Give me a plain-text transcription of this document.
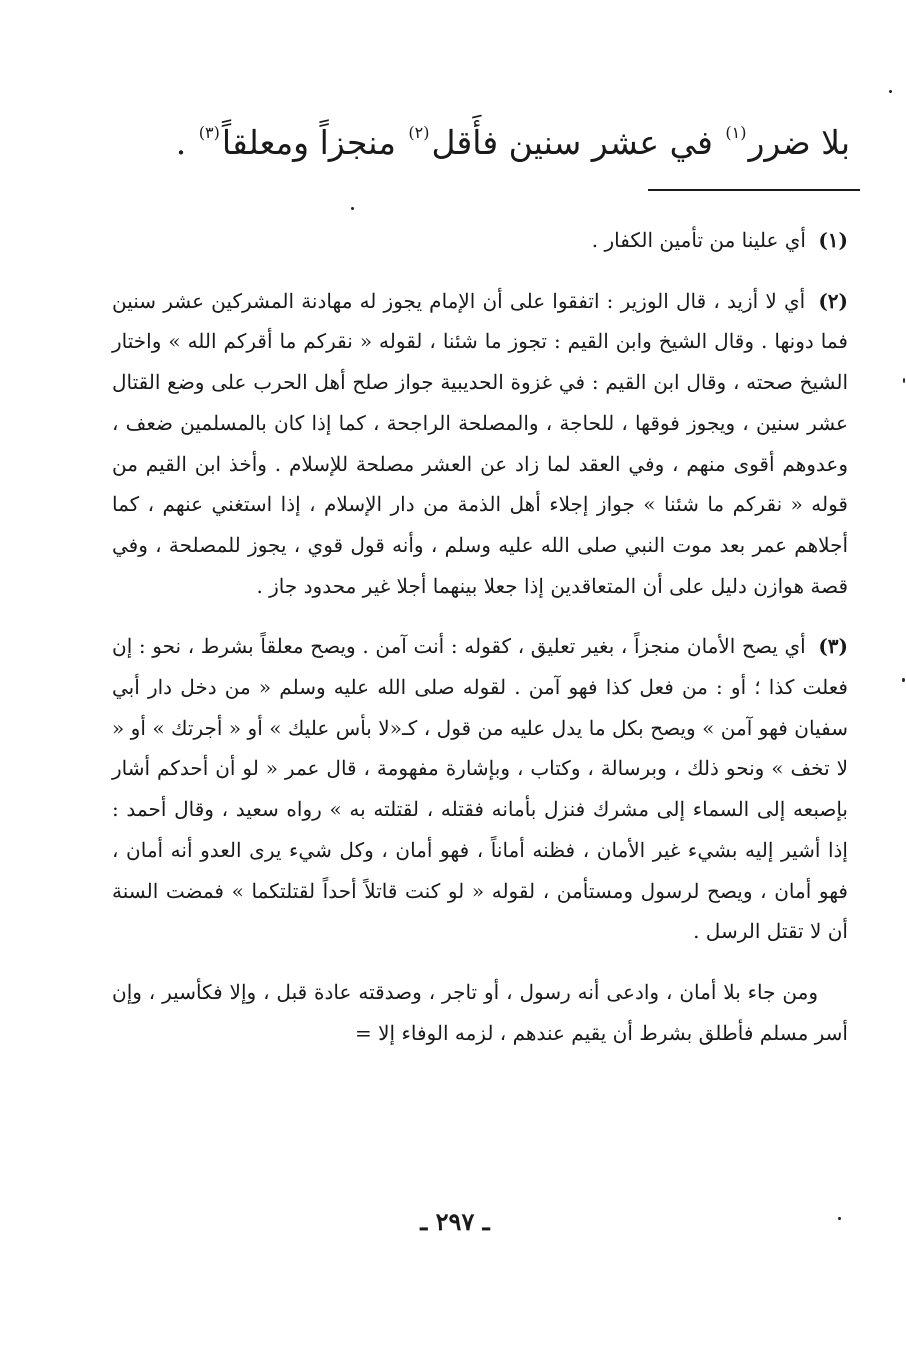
بلا ضرر$^{(١)}$ في عشر سنين فأَقل$^{(٢)}$ منجزاً ومعلقاً$^{(٣)}$ .

(١) أي علينا من تأمين الكفار .

(٢) أي لا أزيد ، قال الوزير : اتفقوا على أن الإمام يجوز له مهادنة المشركين عشر سنين فما دونها . وقال الشيخ وابن القيم : تجوز ما شئنا ، لقوله « نقركم ما أقركم الله » واختار الشيخ صحته ، وقال ابن القيم : في غزوة الحديبية جواز صلح أهل الحرب على وضع القتال عشر سنين ، ويجوز فوقها ، للحاجة ، والمصلحة الراجحة ، كما إذا كان بالمسلمين ضعف ، وعدوهم أقوى منهم ، وفي العقد لما زاد عن العشر مصلحة للإسلام . وأخذ ابن القيم من قوله « نقركم ما شئنا » جواز إجلاء أهل الذمة من دار الإسلام ، إذا استغني عنهم ، كما أجلاهم عمر بعد موت النبي صلى الله عليه وسلم ، وأنه قول قوي ، يجوز للمصلحة ، وفي قصة هوازن دليل على أن المتعاقدين إذا جعلا بينهما أجلا غير محدود جاز .

(٣) أي يصح الأمان منجزاً ، بغير تعليق ، كقوله : أنت آمن . ويصح معلقاً بشرط ، نحو : إن فعلت كذا ؛ أو : من فعل كذا فهو آمن . لقوله صلى الله عليه وسلم « من دخل دار أبي سفيان فهو آمن » ويصح بكل ما يدل عليه من قول ، كـ«لا بأس عليك » أو « أجرتك » أو « لا تخف » ونحو ذلك ، وبرسالة ، وكتاب ، وبإشارة مفهومة ، قال عمر « لو أن أحدكم أشار بإصبعه إلى السماء إلى مشرك فنزل بأمانه فقتله ، لقتلته به » رواه سعيد ، وقال أحمد : إذا أشير إليه بشيء غير الأمان ، فظنه أماناً ، فهو أمان ، وكل شيء يرى العدو أنه أمان ، فهو أمان ، ويصح لرسول ومستأمن ، لقوله « لو كنت قاتلاً أحداً لقتلتكما » فمضت السنة أن لا تقتل الرسل .

ومن جاء بلا أمان ، وادعى أنه رسول ، أو تاجر ، وصدقته عادة قبل ، وإلا فكأسير ، وإن أسر مسلم فأطلق بشرط أن يقيم عندهم ، لزمه الوفاء إلا =

ـ ٢٩٧ ـ
